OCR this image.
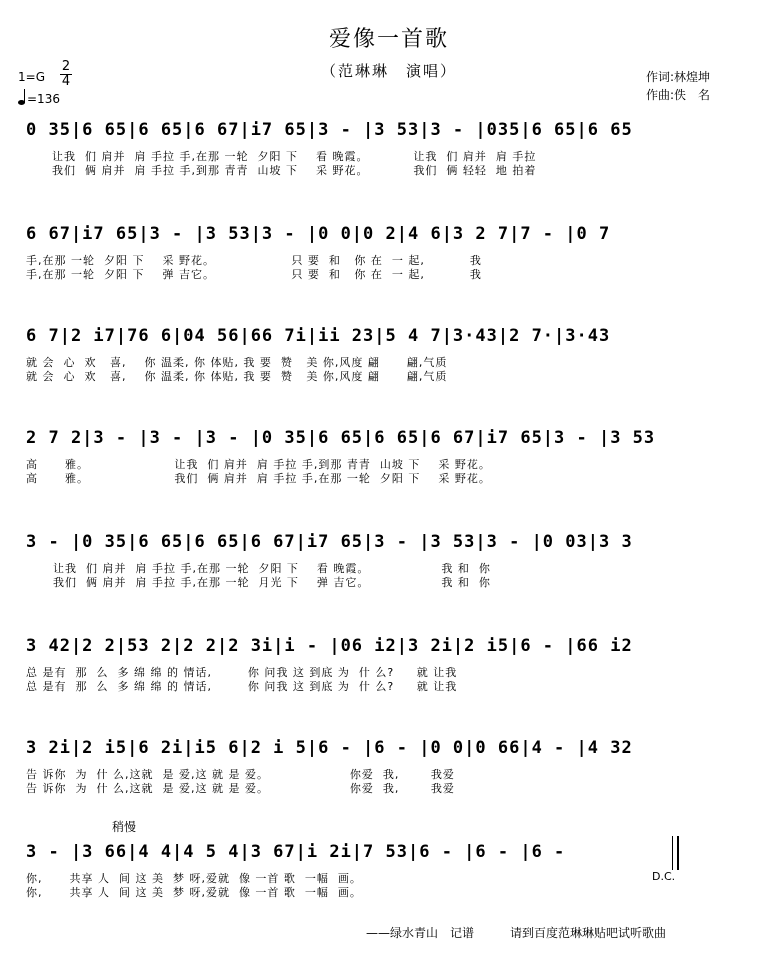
爱像一首歌
（范琳琳　演唱）	作词:林煌坤
作曲:佚　名
1=G
2
4
=136
0 35|6 65|6 65|6 67|i7 65|3 - |3 53|3 - |035|6 65|6 65
让我  们 肩并  肩 手拉 手,在那 一轮  夕阳 下    看 晚霞。          让我  们 肩并  肩 手拉
我们  俩 肩并  肩 手拉 手,到那 青青  山坡 下    采 野花。          我们  俩 轻轻  地 拍着
6 67|i7 65|3 - |3 53|3 - |0 0|0 2|4 6|3 2 7|7 - |0 7
手,在那 一轮  夕阳 下    采 野花。                 只 要  和   你 在  一 起,          我
手,在那 一轮  夕阳 下    弹 吉它。                 只 要  和   你 在  一 起,          我
6 7|2 i7|76 6|04 56|66 7i|ii 23|5 4 7|3·43|2 7·|3·43
就 会  心  欢   喜,    你 温柔, 你 体贴, 我 要  赞   美 你,风度 翩      翩,气质
就 会  心  欢   喜,    你 温柔, 你 体贴, 我 要  赞   美 你,风度 翩      翩,气质
2 7 2|3 - |3 - |3 - |0 35|6 65|6 65|6 67|i7 65|3 - |3 53
高      雅。                   让我  们 肩并  肩 手拉 手,到那 青青  山坡 下    采 野花。
高      雅。                   我们  俩 肩并  肩 手拉 手,在那 一轮  夕阳 下    采 野花。
3 - |0 35|6 65|6 65|6 67|i7 65|3 - |3 53|3 - |0 03|3 3
让我  们 肩并  肩 手拉 手,在那 一轮  夕阳 下    看 晚霞。                我 和  你
我们  俩 肩并  肩 手拉 手,在那 一轮  月光 下    弹 吉它。                我 和  你
3 42|2 2|53 2|2 2|2 3i|i - |06 i2|3 2i|2 i5|6 - |66 i2
总 是有  那  么  多 绵 绵 的 情话,        你 问我 这 到底 为  什 么?     就 让我
总 是有  那  么  多 绵 绵 的 情话,        你 问我 这 到底 为  什 么?     就 让我
3 2i|2 i5|6 2i|i5 6|2 i 5|6 - |6 - |0 0|0 66|4 - |4 32
告 诉你  为  什 么,这就  是 爱,这 就 是 爱。                  你爱  我,       我爱
告 诉你  为  什 么,这就  是 爱,这 就 是 爱。                  你爱  我,       我爱
稍慢
3 - |3 66|4 4|4 5 4|3 67|i 2i|7 53|6 - |6 - |6 -
你,      共享 人  间 这 美  梦 呀,爱就  像 一首 歌  一幅  画。
你,      共享 人  间 这 美  梦 呀,爱就  像 一首 歌  一幅  画。
D.C.
——绿水青山　记谱	请到百度范琳琳贴吧试听歌曲
